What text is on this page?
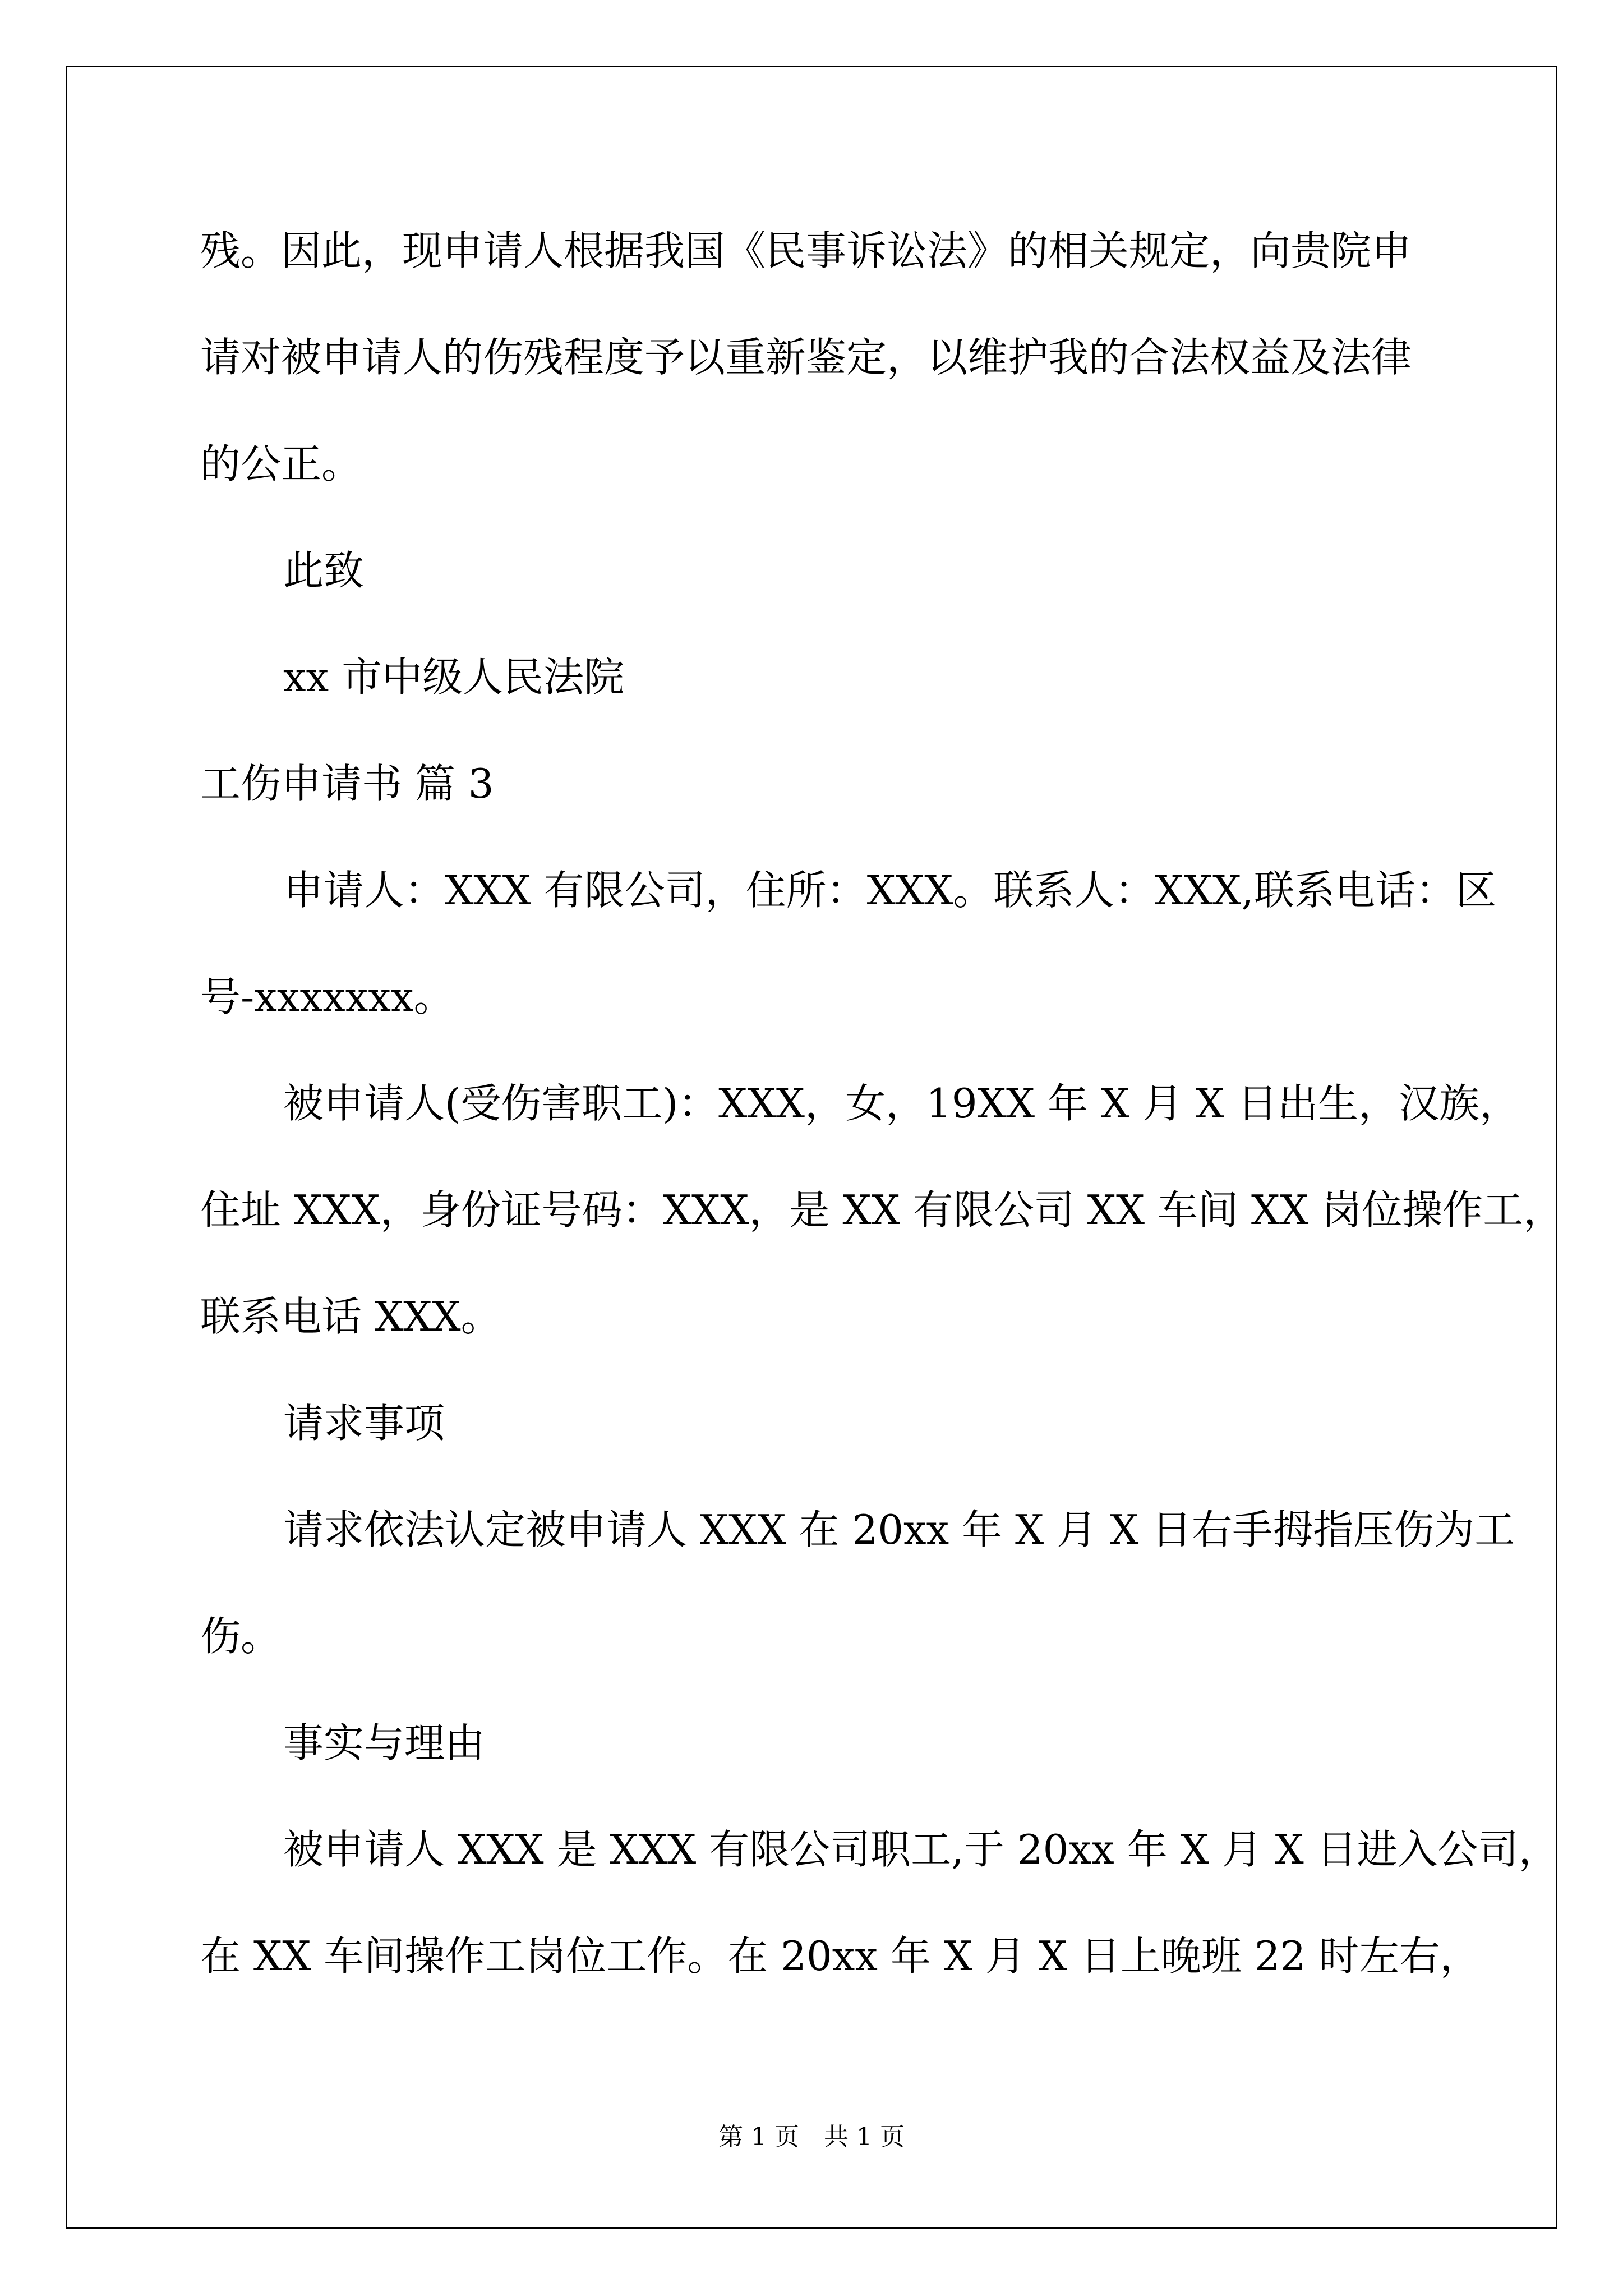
残。因此，现申请人根据我国《民事诉讼法》的相关规定，向贵院申
请对被申请人的伤残程度予以重新鉴定，以维护我的合法权益及法律
的公正。
此致
xx 市中级人民法院
工伤申请书 篇 3
申请人：XXX 有限公司，住所：XXX。联系人：XXX,联系电话：区
号-xxxxxxx。
被申请人(受伤害职工)：XXX，女，19XX 年 X 月 X 日出生，汉族，
住址 XXX，身份证号码：XXX，是 XX 有限公司 XX 车间 XX 岗位操作工，
联系电话 XXX。
请求事项
请求依法认定被申请人 XXX 在 20xx 年 X 月 X 日右手拇指压伤为工
伤。
事实与理由
被申请人 XXX 是 XXX 有限公司职工,于 20xx 年 X 月 X 日进入公司，
在 XX 车间操作工岗位工作。在 20xx 年 X 月 X 日上晚班 22 时左右，
第 1 页　共 1 页
